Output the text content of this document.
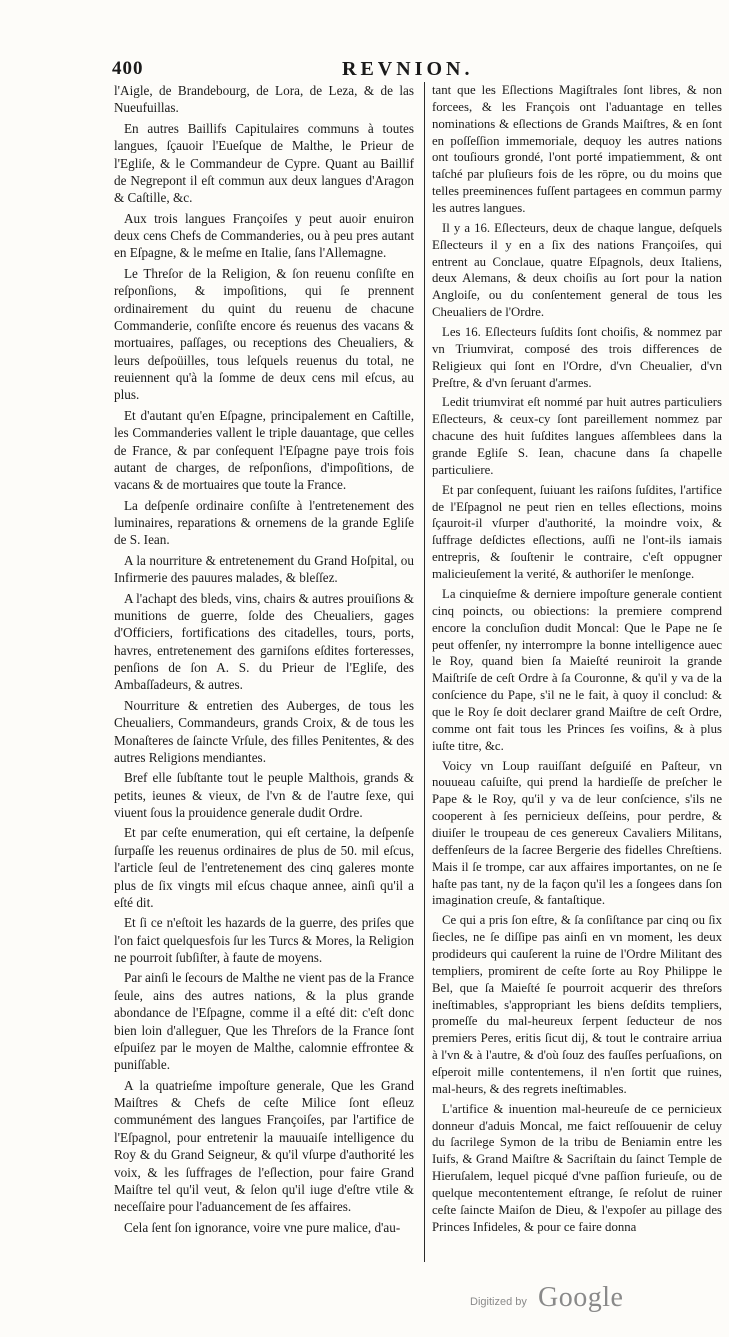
400	REVNION.

l'Aigle, de Brandebourg, de Lora, de Leza, & de las Nueufuillas.

En autres Baillifs Capitulaires communs à toutes langues, ſçauoir l'Eueſque de Malthe, le Prieur de l'Egliſe, & le Commandeur de Cypre. Quant au Baillif de Negrepont il eſt commun aux deux langues d'Aragon & Caſtille, &c.

Aux trois langues Françoiſes y peut auoir enuiron deux cens Chefs de Commanderies, ou à peu pres autant en Eſpagne, & le meſme en Italie, ſans l'Allemagne.

Le Threſor de la Religion, & ſon reuenu conſiſte en reſponſions, & impoſitions, qui ſe prennent ordinairement du quint du reuenu de chacune Commanderie, conſiſte encore és reuenus des vacans & mortuaires, paſſages, ou receptions des Cheualiers, & leurs deſpoüilles, tous leſquels reuenus du total, ne reuiennent qu'à la ſomme de deux cens mil eſcus, au plus.

Et d'autant qu'en Eſpagne, principalement en Caſtille, les Commanderies vallent le triple dauantage, que celles de France, & par conſequent l'Eſpagne paye trois fois autant de charges, de reſponſions, d'impoſitions, de vacans & de mortuaires que toute la France.

La deſpenſe ordinaire conſiſte à l'entretenement des luminaires, reparations & ornemens de la grande Egliſe de S. Iean.

A la nourriture & entretenement du Grand Hoſpital, ou Infirmerie des pauures malades, & bleſſez.

A l'achapt des bleds, vins, chairs & autres prouiſions & munitions de guerre, ſolde des Cheualiers, gages d'Officiers, fortifications des citadelles, tours, ports, havres, entretenement des garniſons eſdites forteresses, penſions de ſon A. S. du Prieur de l'Egliſe, des Ambaſſadeurs, & autres.

Nourriture & entretien des Auberges, de tous les Cheualiers, Commandeurs, grands Croix, & de tous les Monaſteres de ſaincte Vrſule, des filles Penitentes, & des autres Religions mendiantes.

Bref elle ſubſtante tout le peuple Malthois, grands & petits, ieunes & vieux, de l'vn & de l'autre ſexe, qui viuent ſous la prouidence generale dudit Ordre.

Et par ceſte enumeration, qui eſt certaine, la deſpenſe ſurpaſſe les reuenus ordinaires de plus de 50. mil eſcus, l'article ſeul de l'entretenement des cinq galeres monte plus de ſix vingts mil eſcus chaque annee, ainſi qu'il a eſté dit.

Et ſi ce n'eſtoit les hazards de la guerre, des priſes que l'on faict quelquesfois ſur les Turcs & Mores, la Religion ne pourroit ſubſiſter, à faute de moyens.

Par ainſi le ſecours de Malthe ne vient pas de la France ſeule, ains des autres nations, & la plus grande abondance de l'Eſpagne, comme il a eſté dit: c'eſt donc bien loin d'alleguer, Que les Threſors de la France ſont eſpuiſez par le moyen de Malthe, calomnie effrontee & puniſſable.

A la quatrieſme impoſture generale, Que les Grand Maiſtres & Chefs de ceſte Milice ſont eſleuz communément des langues Françoiſes, par l'artifice de l'Eſpagnol, pour entretenir la mauuaiſe intelligence du Roy & du Grand Seigneur, & qu'il vſurpe d'authorité les voix, & les ſuffrages de l'eſlection, pour faire Grand Maiſtre tel qu'il veut, & ſelon qu'il iuge d'eſtre vtile & neceſſaire pour l'aduancement de ſes affaires.

Cela ſent ſon ignorance, voire vne pure malice, d'au-

tant que les Eſlections Magiſtrales ſont libres, & non forcees, & les François ont l'aduantage en telles nominations & eſlections de Grands Maiſtres, & en ſont en poſſeſſion immemoriale, dequoy les autres nations ont touſiours grondé, l'ont porté impatiemment, & ont taſché par pluſieurs fois de les rōpre, ou du moins que telles preeminences fuſſent partagees en commun parmy les autres langues.

Il y a 16. Eſlecteurs, deux de chaque langue, deſquels Eſlecteurs il y en a ſix des nations Françoiſes, qui entrent au Conclaue, quatre Eſpagnols, deux Italiens, deux Alemans, & deux choiſis au ſort pour la nation Angloiſe, ou du conſentement general de tous les Cheualiers de l'Ordre.

Les 16. Eſlecteurs ſuſdits ſont choiſis, & nommez par vn Triumvirat, composé des trois differences de Religieux qui ſont en l'Ordre, d'vn Cheualier, d'vn Preſtre, & d'vn ſeruant d'armes.

Ledit triumvirat eſt nommé par huit autres particuliers Eſlecteurs, & ceux-cy ſont pareillement nommez par chacune des huit ſuſdites langues aſſemblees dans la grande Egliſe S. Iean, chacune dans ſa chapelle particuliere.

Et par conſequent, ſuiuant les raiſons ſuſdites, l'artifice de l'Eſpagnol ne peut rien en telles eſlections, moins ſçauroit-il vſurper d'authorité, la moindre voix, & ſuffrage deſdictes eſlections, auſſi ne l'ont-ils iamais entrepris, & ſouſtenir le contraire, c'eſt oppugner malicieuſement la verité, & authoriſer le menſonge.

La cinquieſme & derniere impoſture generale contient cinq poincts, ou obiections: la premiere comprend encore la concluſion dudit Moncal: Que le Pape ne ſe peut offenſer, ny interrompre la bonne intelligence auec le Roy, quand bien ſa Maieſté reuniroit la grande Maiſtriſe de ceſt Ordre à ſa Couronne, & qu'il y va de la conſcience du Pape, s'il ne le fait, à quoy il conclud: & que le Roy ſe doit declarer grand Maiſtre de ceſt Ordre, comme ont fait tous les Princes ſes voiſins, & à plus iuſte titre, &c.

Voicy vn Loup rauiſſant deſguiſé en Paſteur, vn nouueau caſuiſte, qui prend la hardieſſe de preſcher le Pape & le Roy, qu'il y va de leur conſcience, s'ils ne cooperent à ſes pernicieux deſſeins, pour perdre, & diuiſer le troupeau de ces genereux Cavaliers Militans, deffenſeurs de la ſacree Bergerie des fidelles Chreſtiens. Mais il ſe trompe, car aux affaires importantes, on ne ſe haſte pas tant, ny de la façon qu'il les a ſongees dans ſon imagination creuſe, & fantaſtique.

Ce qui a pris ſon eſtre, & ſa conſiſtance par cinq ou ſix ſiecles, ne ſe diſſipe pas ainſi en vn moment, les deux prodideurs qui cauſerent la ruine de l'Ordre Militant des templiers, promirent de ceſte ſorte au Roy Philippe le Bel, que ſa Maieſté ſe pourroit acquerir des threſors ineſtimables, s'appropriant les biens deſdits templiers, promeſſe du mal-heureux ſerpent ſeducteur de nos premiers Peres, eritis ſicut dij, & tout le contraire arriua à l'vn & à l'autre, & d'où ſouz des fauſſes perſuaſions, on eſperoit mille contentemens, il n'en ſortit que ruines, mal-heurs, & des regrets ineſtimables.

L'artifice & inuention mal-heureuſe de ce pernicieux donneur d'aduis Moncal, me faict reſſouuenir de celuy du ſacrilege Symon de la tribu de Beniamin entre les Iuifs, & Grand Maiſtre & Sacriſtain du ſainct Temple de Hieruſalem, lequel picqué d'vne paſſion furieuſe, ou de quelque mecontentement eſtrange, ſe reſolut de ruiner ceſte ſaincte Maiſon de Dieu, & l'expoſer au pillage des Princes Infideles, & pour ce faire donna

Digitized by Google
